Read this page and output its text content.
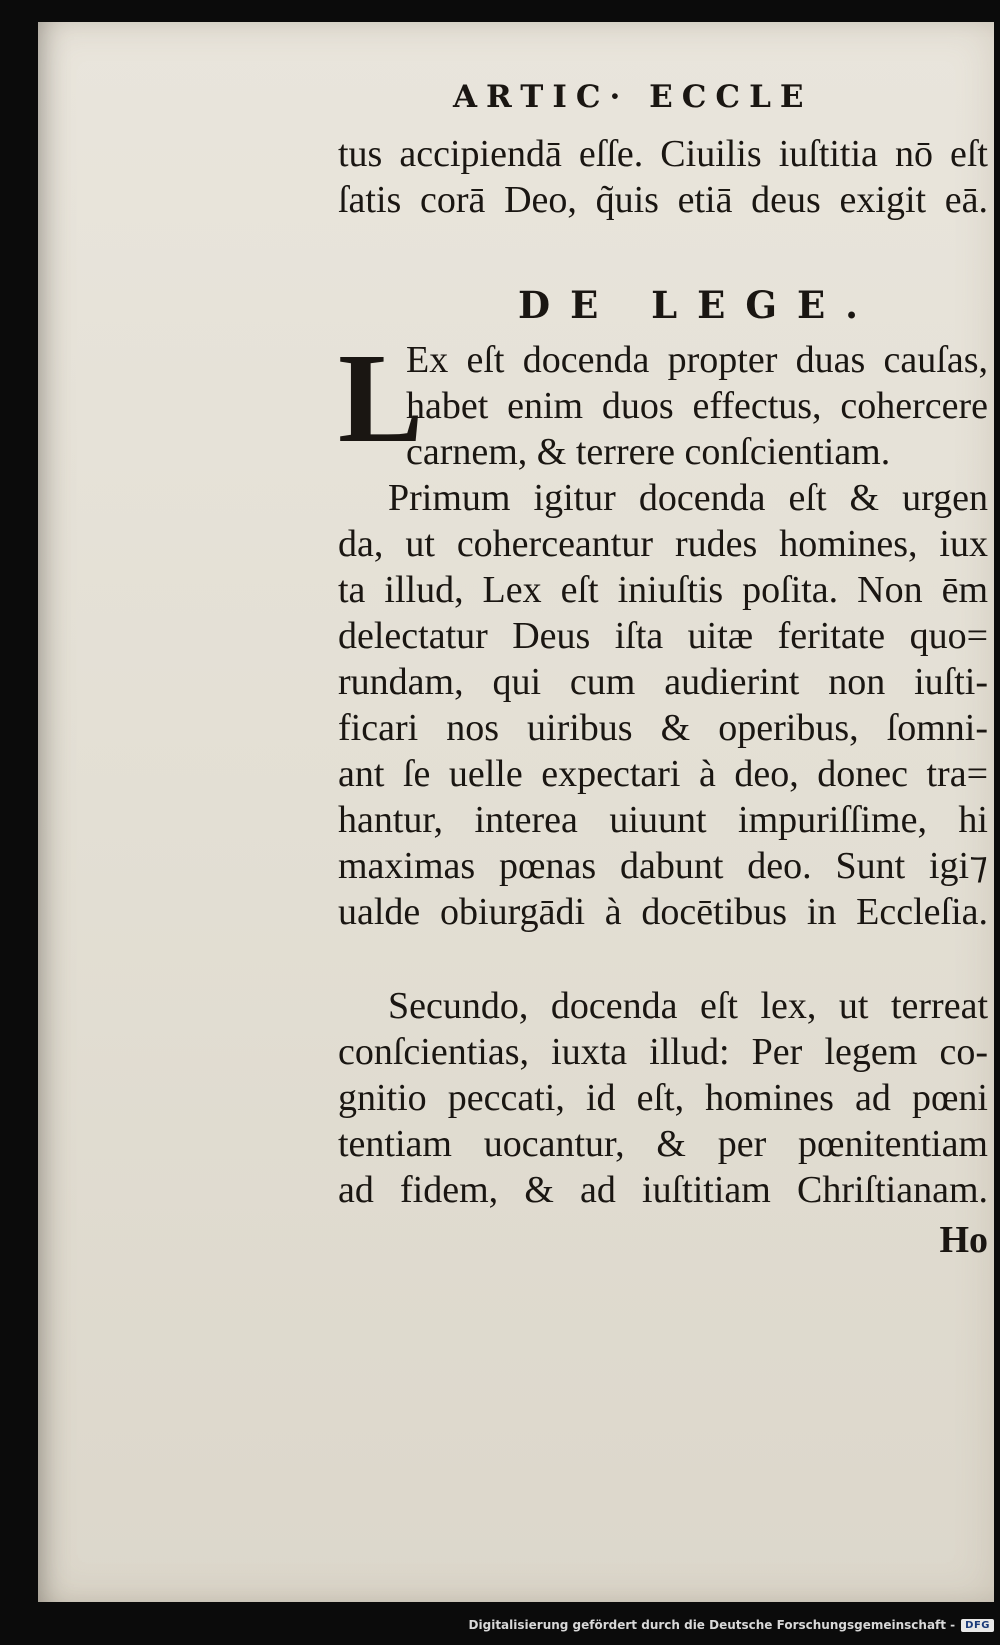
ARTIC· ECCLE
tus accipiendā eſſe. Ciuilis iuſtitia nō eſt
ſatis corā Deo, q̃uis etiā deus exigit eā.
DE LEGE.
L
Ex eſt docenda propter duas cauſas,
habet enim duos effectus, cohercere
carnem, & terrere conſcientiam.
Primum igitur docenda eſt & urgen
da, ut coherceantur rudes homines, iux
ta illud, Lex eſt iniuſtis poſita. Non ēm
delectatur Deus iſta uitæ feritate quo=
rundam, qui cum audierint non iuſti-
ficari nos uiribus & operibus, ſomni-
ant ſe uelle expectari à deo, donec tra=
hantur, interea uiuunt impuriſſime, hi
maximas pœnas dabunt deo. Sunt igi⁊
ualde obiurgādi à docētibus in Eccleſia.
Secundo, docenda eſt lex, ut terreat
conſcientias, iuxta illud: Per legem co-
gnitio peccati, id eſt, homines ad pœni
tentiam uocantur, & per pœnitentiam
ad fidem, & ad iuſtitiam Chriſtianam.
Ho
Digitalisierung gefördert durch die Deutsche Forschungsgemeinschaft -	DFG
